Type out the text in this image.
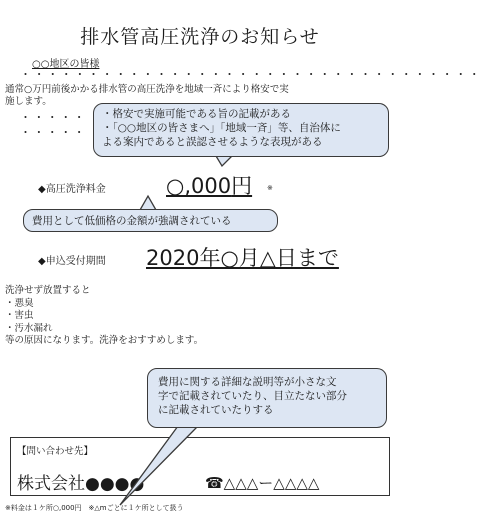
排水管高圧洗浄のお知らせ
○○地区の皆様
・・・・・・・・・・・・・・・・・・・・・・・・・・・・・・・・・・
通常○万円前後かかる排水管の高圧洗浄を地域一斉により格安で実
施します。
・・・・・
・・・・・
◆高圧洗浄料金	○,000円 ※
◆申込受付期間 2020年○月△日まで
洗浄せず放置すると
・悪臭
・害虫
・汚水漏れ
等の原因になります。洗浄をおすすめします。
【問い合わせ先】
株式会社●●●●	☎△△△ー△△△△
※料金は１ケ所○,000円　※△mごとに１ケ所として扱う
・格安で実施可能である旨の記載がある
・「○○地区の皆さまへ」「地域一斉」等、自治体に
よる案内であると誤認させるような表現がある
費用として低価格の金額が強調されている
費用に関する詳細な説明等が小さな文
字で記載されていたり、目立たない部分
に記載されていたりする
